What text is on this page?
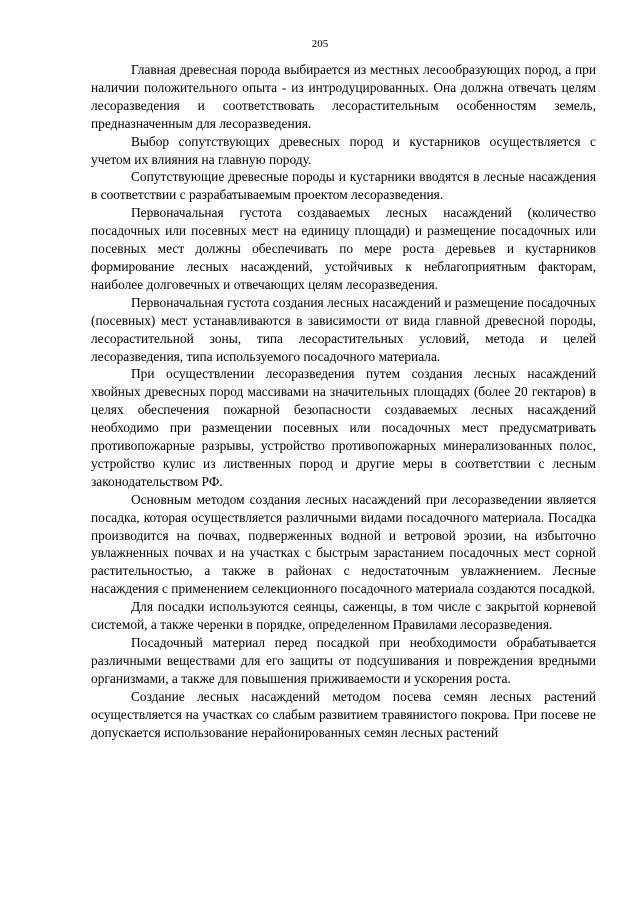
205

Главная древесная порода выбирается из местных лесообразующих пород, а при наличии положительного опыта - из интродуцированных. Она должна отвечать целям лесоразведения и соответствовать лесорастительным особенностям земель, предназначенным для лесоразведения.

Выбор сопутствующих древесных пород и кустарников осуществляется с учетом их влияния на главную породу.

Сопутствующие древесные породы и кустарники вводятся в лесные насаждения в соответствии с разрабатываемым проектом лесоразведения.

Первоначальная густота создаваемых лесных насаждений (количество посадочных или посевных мест на единицу площади) и размещение посадочных или посевных мест должны обеспечивать по мере роста деревьев и кустарников формирование лесных насаждений, устойчивых к неблагоприятным факторам, наиболее долговечных и отвечающих целям лесоразведения.

Первоначальная густота создания лесных насаждений и размещение посадочных (посевных) мест устанавливаются в зависимости от вида главной древесной породы, лесорастительной зоны, типа лесорастительных условий, метода и целей лесоразведения, типа используемого посадочного материала.

При осуществлении лесоразведения путем создания лесных насаждений хвойных древесных пород массивами на значительных площадях (более 20 гектаров) в целях обеспечения пожарной безопасности создаваемых лесных насаждений необходимо при размещении посевных или посадочных мест предусматривать противопожарные разрывы, устройство противопожарных минерализованных полос, устройство кулис из лиственных пород и другие меры в соответствии с лесным законодательством РФ.

Основным методом создания лесных насаждений при лесоразведении является посадка, которая осуществляется различными видами посадочного материала. Посадка производится на почвах, подверженных водной и ветровой эрозии, на избыточно увлажненных почвах и на участках с быстрым зарастанием посадочных мест сорной растительностью, а также в районах с недостаточным увлажнением. Лесные насаждения с применением селекционного посадочного материала создаются посадкой.

Для посадки используются сеянцы, саженцы, в том числе с закрытой корневой системой, а также черенки в порядке, определенном Правилами лесоразведения.

Посадочный материал перед посадкой при необходимости обрабатывается различными веществами для его защиты от подсушивания и повреждения вредными организмами, а также для повышения приживаемости и ускорения роста.

Создание лесных насаждений методом посева семян лесных растений осуществляется на участках со слабым развитием травянистого покрова. При посеве не допускается использование нерайонированных семян лесных растений
